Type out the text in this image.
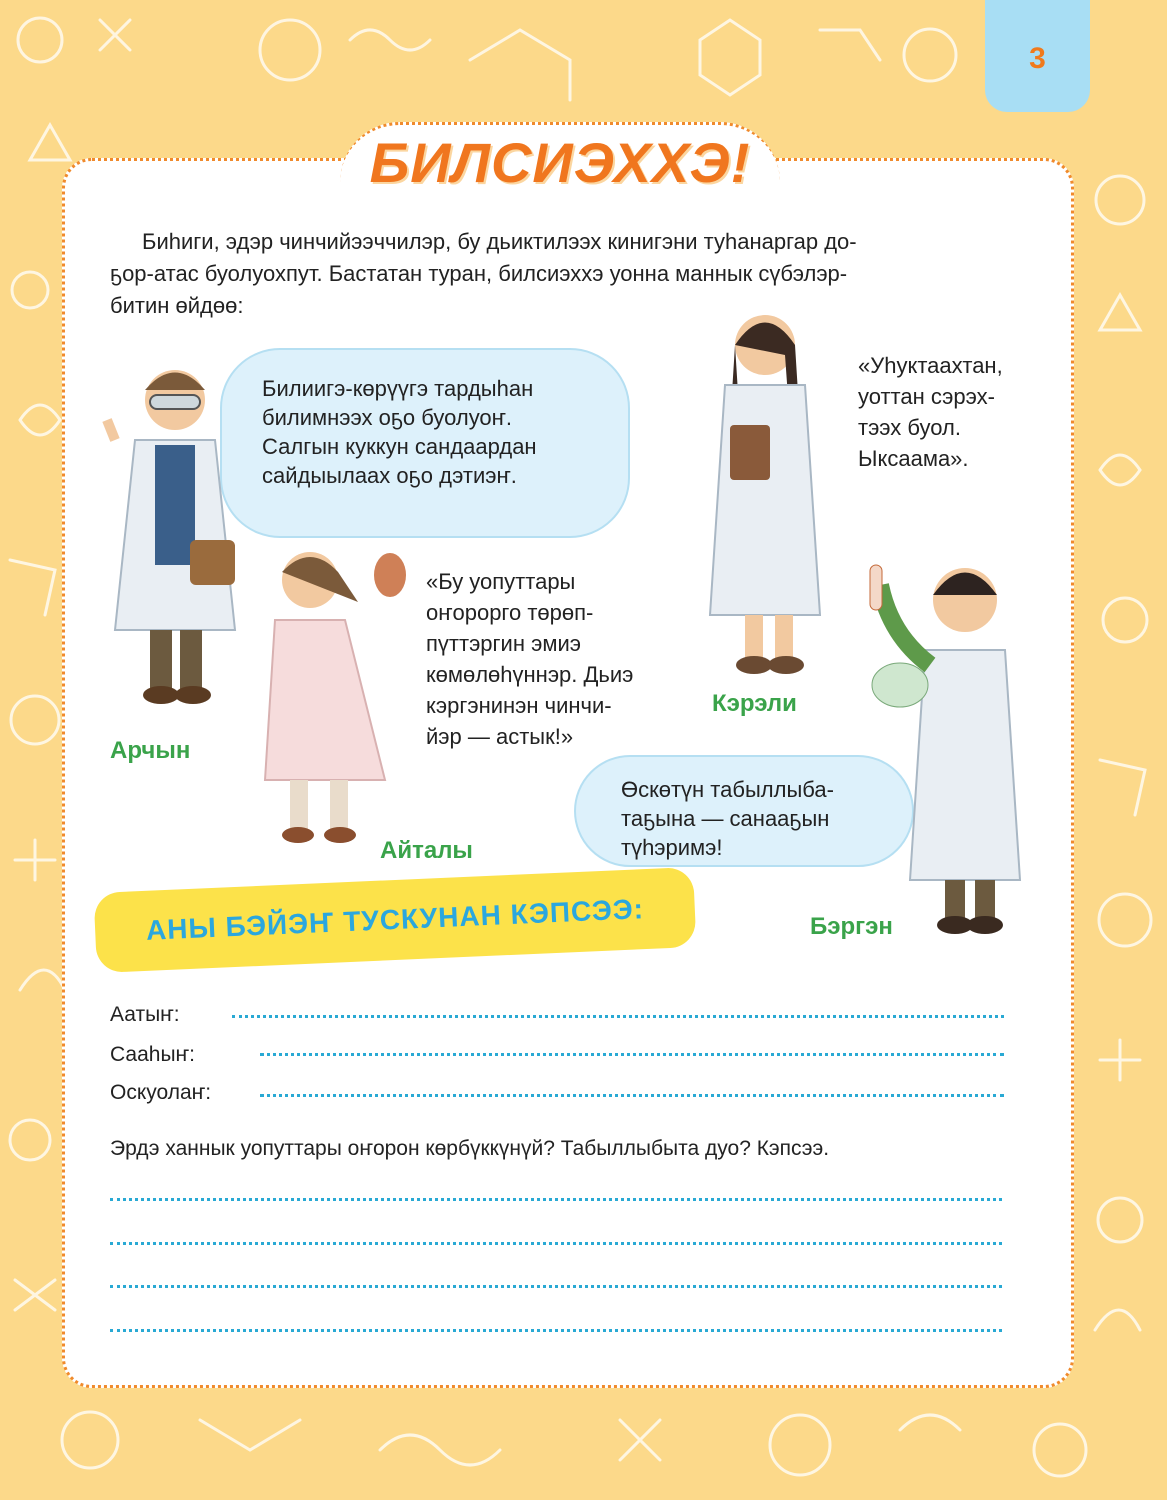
3
БИЛСИЭХХЭ!
Биһиги, эдэр чинчийээччилэр, бу дьиктилээх кинигэни туһанаргар до-
ҕор-атас буолуохпут. Бастатан туран, билсиэххэ уонна маннык сүбэлэр-
битин өйдөө:
Билиигэ-көрүүгэ тардыһан
билимнээх оҕо буолуоҥ.
Салгын куккун сандаардан
сайдыылаах оҕо дэтиэҥ.
Арчын
Айталы
«Бу уопуттары
оҥорорго төрөп-
пүттэргин эмиэ
көмөлөһүннэр. Дьиэ
кэргэнинэн чинчи-
йэр — астык!»
Кэрэли
«Уһуктаахтан,
уоттан сэрэх-
тээх буол.
Ыксаама».
Өскөтүн табыллыба-
таҕына — санааҕын
түһэримэ!
Бэргэн
АНЫ БЭЙЭҤ ТУСКУНАН КЭПСЭЭ:
Аатыҥ:
Сааһыҥ:
Оскуолаҥ:
Эрдэ ханнык уопуттары оҥорон көрбүккүнүй? Табыллыбыта дуо? Кэпсээ.
